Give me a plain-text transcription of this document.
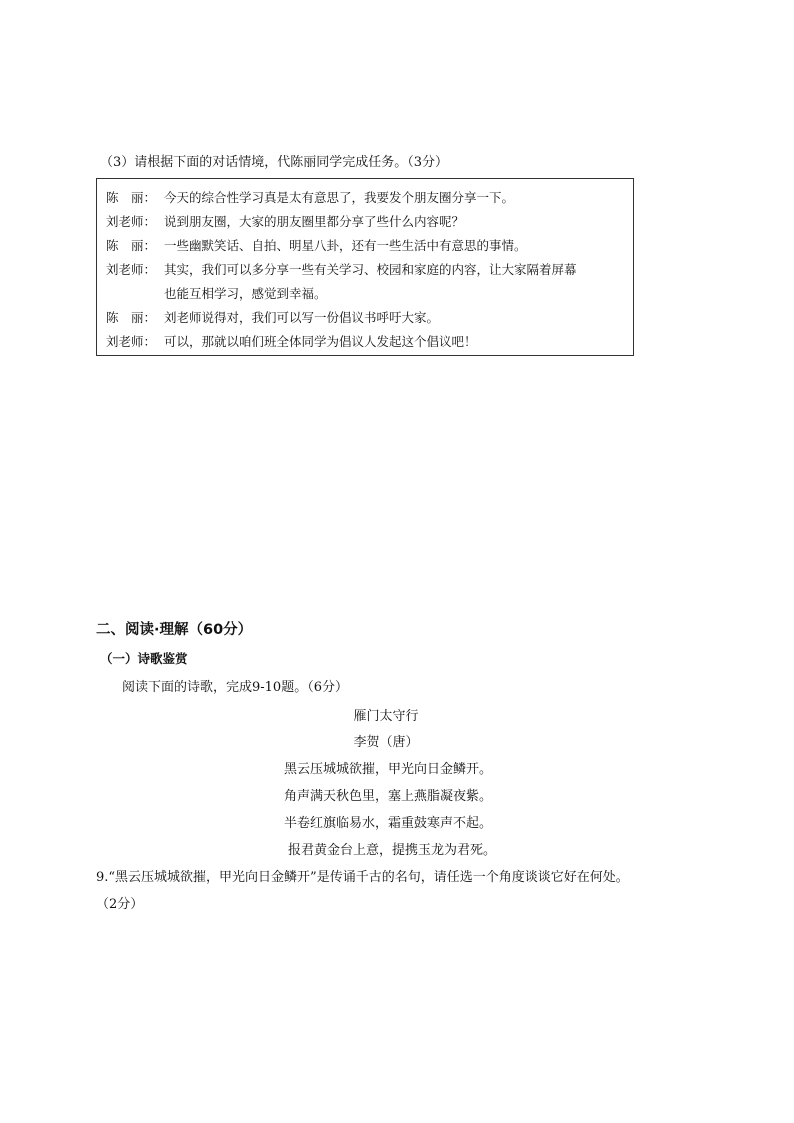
（3）请根据下面的对话情境，代陈丽同学完成任务。（3分）
陈　丽： 今天的综合性学习真是太有意思了，我要发个朋友圈分享一下。
刘老师： 说到朋友圈，大家的朋友圈里都分享了些什么内容呢？
陈　丽： 一些幽默笑话、自拍、明星八卦，还有一些生活中有意思的事情。
刘老师： 其实，我们可以多分享一些有关学习、校园和家庭的内容，让大家隔着屏幕
也能互相学习，感觉到幸福。
陈　丽： 刘老师说得对，我们可以写一份倡议书呼吁大家。
刘老师： 可以，那就以咱们班全体同学为倡议人发起这个倡议吧！
二、阅读·理解（60分）
（一）诗歌鉴赏
阅读下面的诗歌，完成9-10题。（6分）
雁门太守行
李贺（唐）
黑云压城城欲摧，甲光向日金鳞开。
角声满天秋色里，塞上燕脂凝夜紫。
半卷红旗临易水，霜重鼓寒声不起。
报君黄金台上意，提携玉龙为君死。
9.“黑云压城城欲摧，甲光向日金鳞开”是传诵千古的名句，请任选一个角度谈谈它好在何处。
（2分）
